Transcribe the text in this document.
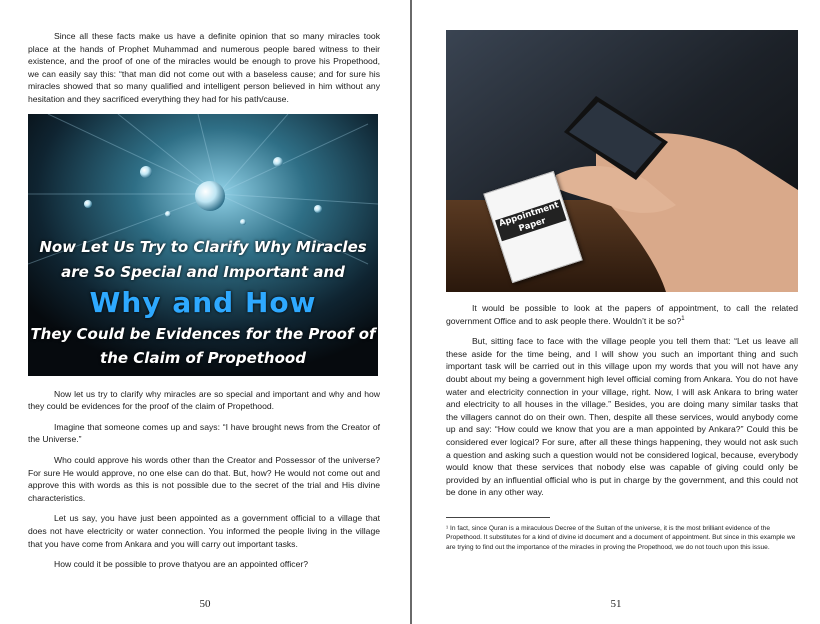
Since all these facts make us have a definite opinion that so many miracles took place at the hands of Prophet Muhammad and numerous people bared witness to their existence, and the proof of one of the miracles would be enough to prove his Propethood, we can easily say this: “that man did not come out with a baseless cause; and for sure his miracles showed that so many qualified and intelligent person believed in him without any hesitation and they sacrificed everything they had for his path/cause.

Now Let Us Try to Clarify Why Miracles
are So Special and Important and
Why and How
They Could be Evidences for the Proof of
the Claim of Propethood

Now let us try to clarify why miracles are so special and important and why and how they could be evidences for the proof of the claim of Propethood.

Imagine that someone comes up and says: “I have brought news from the Creator of the Universe.”

Who could approve his words other than the Creator and Possessor of the universe? For sure He would approve, no one else can do that. But, how? He would not come out and approve this with words as this is not possible due to the secret of the trial and His divine characteristics.

Let us say, you have just been appointed as a government official to a village that does not have electricity or water connection. You informed the people living in the village that you have come from Ankara and you will carry out important tasks.

How could it be possible to prove thatyou are an appointed officer?

50
Appointment Paper

It would be possible to look at the papers of appointment, to call the related government Office and to ask people there. Wouldn’t it be so?$^1$

But, sitting face to face with the village people you tell them that: “Let us leave all these aside for the time being, and I will show you such an important thing and such important task will be carried out in this village upon my words that you will not have any doubt about my being a government high level official coming from Ankara. You do not have water and electricity connection in your village, right. Now, I will ask Ankara to bring water and electricity to all houses in the village.” Besides, you are doing many similar tasks that the villagers cannot do on their own. Then, despite all these services, would anybody come up and say: “How could we know that you are a man appointed by Ankara?” Could this be considered ever logical? For sure, after all these things happening, they would not ask such a question and asking such a question would not be considered logical, because, everybody would know that these services that nobody else was capable of giving could only be provided by an influential official who is put in charge by the government, and this could not be done in any other way.

¹ In fact, since Quran is a miraculous Decree of the Sultan of the universe, it is the most brilliant evidence of the Propethood. It substitutes for a kind of divine id document and a document of appointment. But since in this example we are trying to find out the importance of the miracles in proving the Propethood, we do not touch upon this issue.

51
